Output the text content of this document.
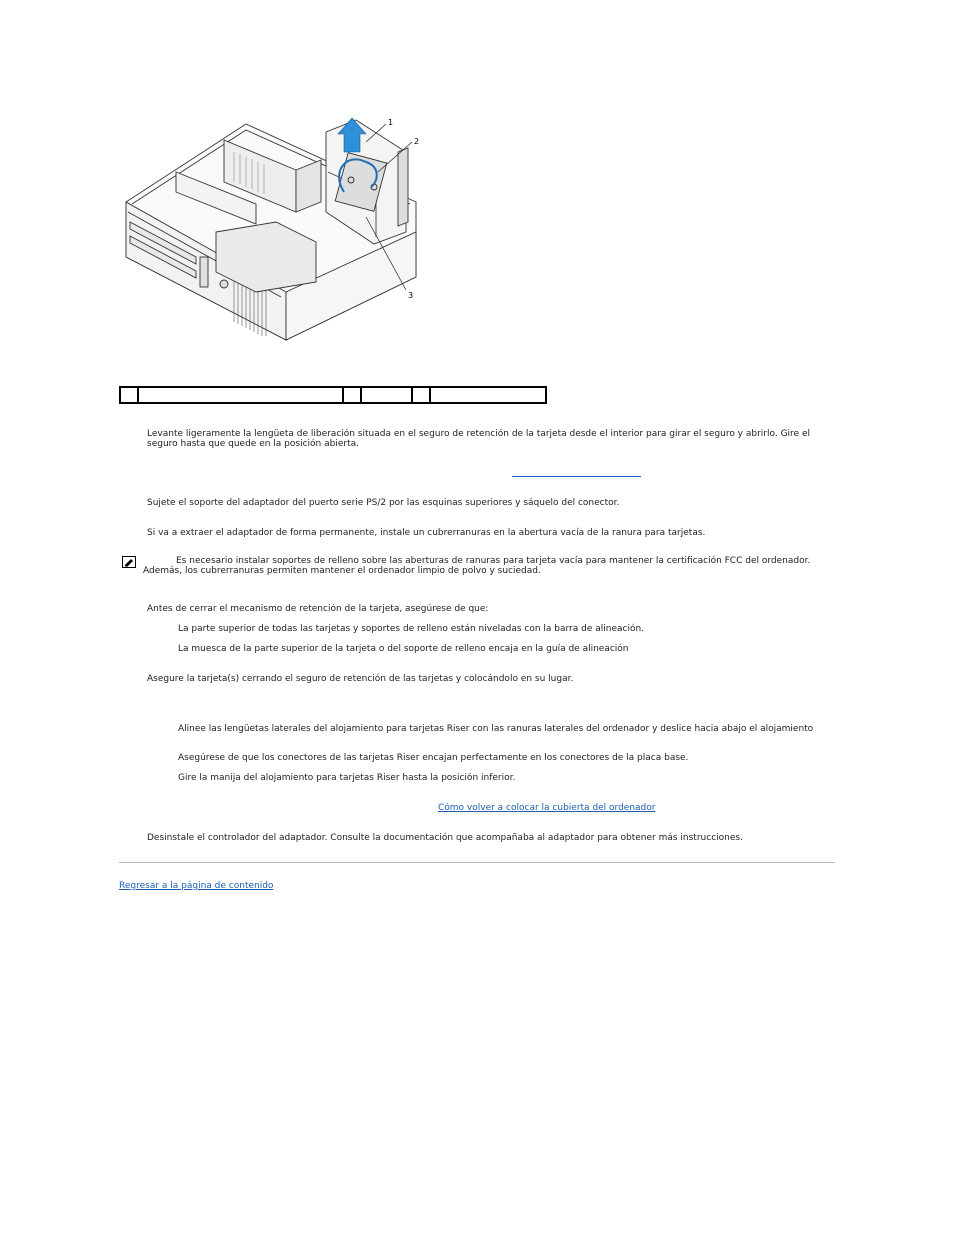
1
2
3

Levante ligeramente la lengüeta de liberación situada en el seguro de retención de la tarjeta desde el interior para girar el seguro y abrirlo. Gire el
seguro hasta que quede en la posición abierta.
Sujete el soporte del adaptador del puerto serie PS/2 por las esquinas superiores y sáquelo del conector.
Si va a extraer el adaptador de forma permanente, instale un cubrerranuras en la abertura vacía de la ranura para tarjetas.
Es necesario instalar soportes de relleno sobre las aberturas de ranuras para tarjeta vacía para mantener la certificación FCC del ordenador.
Además, los cubrerranuras permiten mantener el ordenador limpio de polvo y suciedad.
Antes de cerrar el mecanismo de retención de la tarjeta, asegúrese de que:
La parte superior de todas las tarjetas y soportes de relleno están niveladas con la barra de alineación.
La muesca de la parte superior de la tarjeta o del soporte de relleno encaja en la guía de alineación
Asegure la tarjeta(s) cerrando el seguro de retención de las tarjetas y colocándolo en su lugar.
Alinee las lengüetas laterales del alojamiento para tarjetas Riser con las ranuras laterales del ordenador y deslice hacia abajo el alojamiento
Asegúrese de que los conectores de las tarjetas Riser encajan perfectamente en los conectores de la placa base.
Gire la manija del alojamiento para tarjetas Riser hasta la posición inferior.
Cómo volver a colocar la cubierta del ordenador
Desinstale el controlador del adaptador. Consulte la documentación que acompañaba al adaptador para obtener más instrucciones.
Regresar a la página de contenido
